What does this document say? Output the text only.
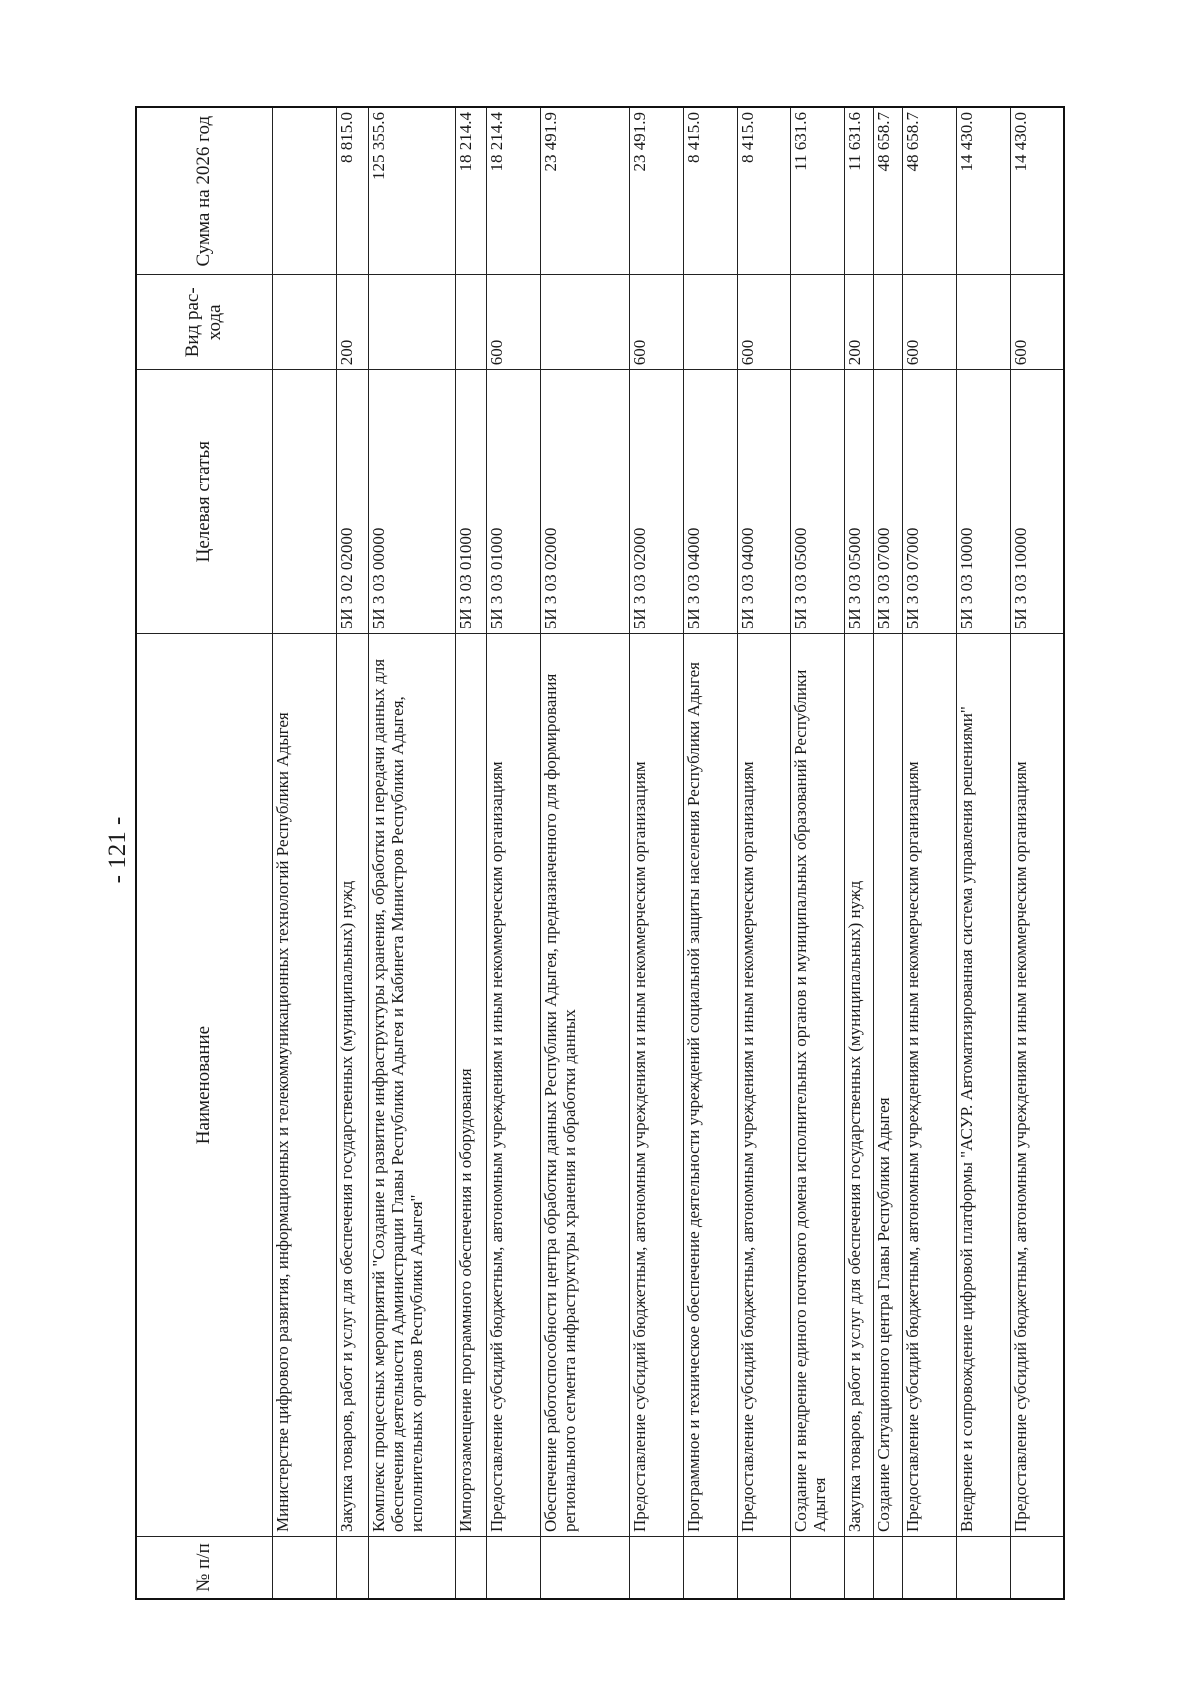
- 121 -
№ п/п	Наименование	Целевая статья	Вид рас-хода	Сумма на 2026 год
	Министерстве цифрового развития, информационных и телекоммуникационных технологий Республики Адыгея			
	Закупка товаров, работ и услуг для обеспечения государственных (муниципальных) нужд	5И 3 02 02000	200	8 815.0
	Комплекс процессных мероприятий "Создание и развитие инфраструктуры хранения, обработки и передачи данных для обеспечения деятельности Администрации Главы Республики Адыгея и Кабинета Министров Республики Адыгея, исполнительных органов Республики Адыгея"	5И 3 03 00000		125 355.6
	Импортозамещение программного обеспечения и оборудования	5И 3 03 01000		18 214.4
	Предоставление субсидий бюджетным, автономным учреждениям и иным некоммерческим организациям	5И 3 03 01000	600	18 214.4
	Обеспечение работоспособности центра обработки данных Республики Адыгея, предназначенного для формирования регионального сегмента инфраструктуры хранения и обработки данных	5И 3 03 02000		23 491.9
	Предоставление субсидий бюджетным, автономным учреждениям и иным некоммерческим организациям	5И 3 03 02000	600	23 491.9
	Программное и техническое обеспечение деятельности учреждений социальной защиты населения Республики Адыгея	5И 3 03 04000		8 415.0
	Предоставление субсидий бюджетным, автономным учреждениям и иным некоммерческим организациям	5И 3 03 04000	600	8 415.0
	Создание и внедрение единого почтового домена исполнительных органов и муниципальных образований Республики Адыгея	5И 3 03 05000		11 631.6
	Закупка товаров, работ и услуг для обеспечения государственных (муниципальных) нужд	5И 3 03 05000	200	11 631.6
	Создание Ситуационного центра Главы Республики Адыгея	5И 3 03 07000		48 658.7
	Предоставление субсидий бюджетным, автономным учреждениям и иным некоммерческим организациям	5И 3 03 07000	600	48 658.7
	Внедрение и сопровождение цифровой платформы "АСУР. Автоматизированная система управления решениями"	5И 3 03 10000		14 430.0
	Предоставление субсидий бюджетным, автономным учреждениям и иным некоммерческим организациям	5И 3 03 10000	600	14 430.0
